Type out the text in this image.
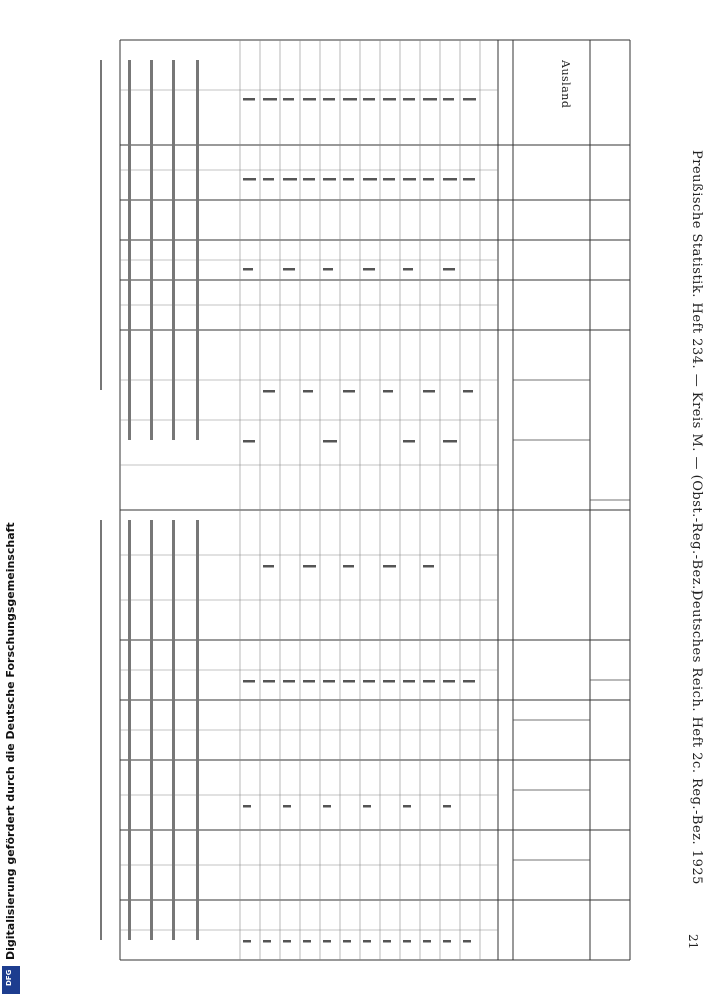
Preußische Statistik. Heft 234. — Kreis M. — (Obst.-Reg.-Bez.)
Deutsches Reich. Heft 2c. Reg.-Bez. 1925
21
Ausland
Digitalisierung gefördert durch die Deutsche Forschungsgemeinschaft
DFG
